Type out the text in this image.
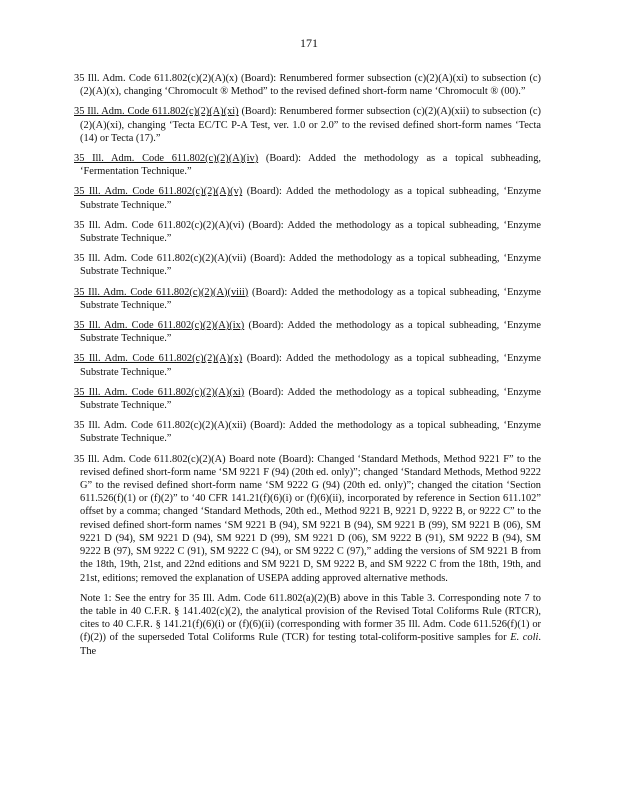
171
35 Ill. Adm. Code 611.802(c)(2)(A)(x) (Board): Renumbered former subsection (c)(2)(A)(xi) to subsection (c)(2)(A)(x), changing ‘Chromocult ® Method” to the revised defined short-form name ‘Chromocult ® (00).”
35 Ill. Adm. Code 611.802(c)(2)(A)(xi) (Board): Renumbered former subsection (c)(2)(A)(xii) to subsection (c)(2)(A)(xi), changing ‘Tecta EC/TC P-A Test, ver. 1.0 or 2.0” to the revised defined short-form names ‘Tecta (14) or Tecta (17).”
35 Ill. Adm. Code 611.802(c)(2)(A)(iv) (Board): Added the methodology as a topical subheading, ‘Fermentation Technique.”
35 Ill. Adm. Code 611.802(c)(2)(A)(v) (Board): Added the methodology as a topical subheading, ‘Enzyme Substrate Technique.”
35 Ill. Adm. Code 611.802(c)(2)(A)(vi) (Board): Added the methodology as a topical subheading, ‘Enzyme Substrate Technique.”
35 Ill. Adm. Code 611.802(c)(2)(A)(vii) (Board): Added the methodology as a topical subheading, ‘Enzyme Substrate Technique.”
35 Ill. Adm. Code 611.802(c)(2)(A)(viii) (Board): Added the methodology as a topical subheading, ‘Enzyme Substrate Technique.”
35 Ill. Adm. Code 611.802(c)(2)(A)(ix) (Board): Added the methodology as a topical subheading, ‘Enzyme Substrate Technique.”
35 Ill. Adm. Code 611.802(c)(2)(A)(x) (Board): Added the methodology as a topical subheading, ‘Enzyme Substrate Technique.”
35 Ill. Adm. Code 611.802(c)(2)(A)(xi) (Board): Added the methodology as a topical subheading, ‘Enzyme Substrate Technique.”
35 Ill. Adm. Code 611.802(c)(2)(A)(xii) (Board): Added the methodology as a topical subheading, ‘Enzyme Substrate Technique.”
35 Ill. Adm. Code 611.802(c)(2)(A) Board note (Board): Changed ‘Standard Methods, Method 9221 F” to the revised defined short-form name ‘SM 9221 F (94) (20th ed. only)”; changed ‘Standard Methods, Method 9222 G” to the revised defined short-form name ‘SM 9222 G (94) (20th ed. only)”; changed the citation ‘Section 611.526(f)(1) or (f)(2)” to ‘40 CFR 141.21(f)(6)(i) or (f)(6)(ii), incorporated by reference in Section 611.102” offset by a comma; changed ‘Standard Methods, 20th ed., Method 9221 B, 9221 D, 9222 B, or 9222 C” to the revised defined short-form names ‘SM 9221 B (94), SM 9221 B (94), SM 9221 B (99), SM 9221 B (06), SM 9221 D (94), SM 9221 D (94), SM 9221 D (99), SM 9221 D (06), SM 9222 B (91), SM 9222 B (94), SM 9222 B (97), SM 9222 C (91), SM 9222 C (94), or SM 9222 C (97),” adding the versions of SM 9221 B from the 18th, 19th, 21st, and 22nd editions and SM 9221 D, SM 9222 B, and SM 9222 C from the 18th, 19th, and 21st, editions; removed the explanation of USEPA adding approved alternative methods.
Note 1: See the entry for 35 Ill. Adm. Code 611.802(a)(2)(B) above in this Table 3. Corresponding note 7 to the table in 40 C.F.R. § 141.402(c)(2), the analytical provision of the Revised Total Coliforms Rule (RTCR), cites to 40 C.F.R. § 141.21(f)(6)(i) or (f)(6)(ii) (corresponding with former 35 Ill. Adm. Code 611.526(f)(1) or (f)(2)) of the superseded Total Coliforms Rule (TCR) for testing total-coliform-positive samples for E. coli. The
